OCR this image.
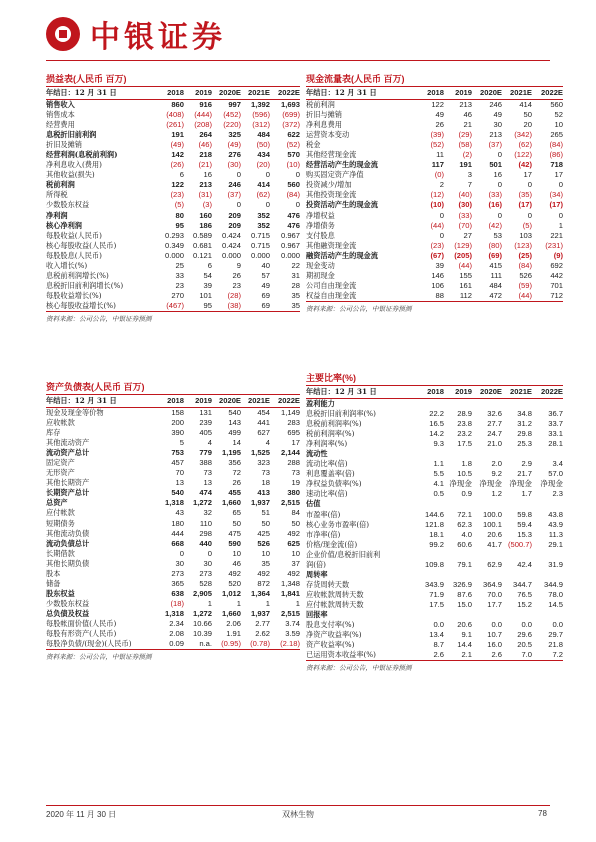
中银证券
损益表(人民币 百万)
年结日：12 月 31 日	2018	2019	2020E	2021E	2022E
销售收入	860	916	997	1,392	1,693
销售成本	(408)	(444)	(452)	(596)	(699)
经营费用	(261)	(208)	(220)	(312)	(372)
息税折旧前利润	191	264	325	484	622
折旧及摊销	(49)	(46)	(49)	(50)	(52)
经营利润(息税前利润)	142	218	276	434	570
净利息收入(费用)	(26)	(21)	(30)	(20)	(10)
其他收益(损失)	6	16	0	0	0
税前利润	122	213	246	414	560
所得税	(23)	(31)	(37)	(62)	(84)
少数股东权益	(5)	(3)	0	0	0
净利润	80	160	209	352	476
核心净利润	95	186	209	352	476
每股收益(人民币)	0.293	0.589	0.424	0.715	0.967
核心每股收益(人民币)	0.349	0.681	0.424	0.715	0.967
每股股息(人民币)	0.000	0.121	0.000	0.000	0.000
收入增长(%)	25	6	9	40	22
息税前利润增长(%)	33	54	26	57	31
息税折旧前利润增长(%)	23	39	23	49	28
每股收益增长(%)	270	101	(28)	69	35
核心每股收益增长(%)	(467)	95	(38)	69	35
资料来源：公司公告，中银证券预测
资产负债表(人民币 百万)
年结日：12 月 31 日	2018	2019	2020E	2021E	2022E
现金及现金等价物	158	131	540	454	1,149
应收帐款	200	239	143	441	283
库存	390	405	499	627	695
其他流动资产	5	4	14	4	17
流动资产总计	753	779	1,195	1,525	2,144
固定资产	457	388	356	323	288
无形资产	70	73	72	73	73
其他长期资产	13	13	26	18	19
长期资产总计	540	474	455	413	380
总资产	1,318	1,272	1,660	1,937	2,515
应付帐款	43	32	65	51	84
短期债务	180	110	50	50	50
其他流动负债	444	298	475	425	492
流动负债总计	668	440	590	526	625
长期借款	0	0	10	10	10
其他长期负债	30	30	46	35	37
股本	273	273	492	492	492
储备	365	528	520	872	1,348
股东权益	638	2,905	1,012	1,364	1,841
少数股东权益	(18)	1	1	1	1
总负债及权益	1,318	1,272	1,660	1,937	2,515
每股帐面价值(人民币)	2.34	10.66	2.06	2.77	3.74
每股有形资产(人民币)	2.08	10.39	1.91	2.62	3.59
每股净负债/(现金)(人民币)	0.09	n.a.	(0.95)	(0.78)	(2.18)
资料来源：公司公告，中银证券预测
现金流量表(人民币 百万)
年结日：12 月 31 日	2018	2019	2020E	2021E	2022E
税前利润	122	213	246	414	560
折旧与摊销	49	46	49	50	52
净利息费用	26	21	30	20	10
运营资本变动	(39)	(29)	213	(342)	265
税金	(52)	(58)	(37)	(62)	(84)
其他经营现金流	11	(2)	0	(122)	(86)
经营活动产生的现金流	117	191	501	(42)	718
购买固定资产净值	(0)	3	16	17	17
投资减少/增加	2	7	0	0	0
其他投资现金流	(12)	(40)	(33)	(35)	(34)
投资活动产生的现金流	(10)	(30)	(16)	(17)	(17)
净增权益	0	(33)	0	0	0
净增债务	(44)	(70)	(42)	(5)	1
支付股息	0	27	53	103	221
其他融资现金流	(23)	(129)	(80)	(123)	(231)
融资活动产生的现金流	(67)	(205)	(69)	(25)	(9)
现金变动	39	(44)	415	(84)	692
期初现金	146	155	111	526	442
公司自由现金流	106	161	484	(59)	701
权益自由现金流	88	112	472	(44)	712
资料来源：公司公告，中银证券预测
主要比率(%)
年结日：12 月 31 日	2018	2019	2020E	2021E	2022E
盈利能力					
息税折旧前利润率(%)	22.2	28.9	32.6	34.8	36.7
息税前利润率(%)	16.5	23.8	27.7	31.2	33.7
税前利润率(%)	14.2	23.2	24.7	29.8	33.1
净利润率(%)	9.3	17.5	21.0	25.3	28.1
流动性					
流动比率(倍)	1.1	1.8	2.0	2.9	3.4
利息覆盖率(倍)	5.5	10.5	9.2	21.7	57.0
净权益负债率(%)	4.1	净现金	净现金	净现金	净现金
速动比率(倍)	0.5	0.9	1.2	1.7	2.3
估值					
市盈率(倍)	144.6	72.1	100.0	59.8	43.8
核心业务市盈率(倍)	121.8	62.3	100.1	59.4	43.9
市净率(倍)	18.1	4.0	20.6	15.3	11.3
价格/现金流(倍)	99.2	60.6	41.7	(500.7)	29.1
企业价值/息税折旧前利					
润(倍)	109.8	79.1	62.9	42.4	31.9
周转率					
存货周转天数	343.9	326.9	364.9	344.7	344.9
应收帐款周转天数	71.9	87.6	70.0	76.5	78.0
应付帐款周转天数	17.5	15.0	17.7	15.2	14.5
回报率					
股息支付率(%)	0.0	20.6	0.0	0.0	0.0
净资产收益率(%)	13.4	9.1	10.7	29.6	29.7
资产收益率(%)	8.7	14.4	16.0	20.5	21.8
已运用资本收益率(%)	2.6	2.1	2.6	7.0	7.2
资料来源：公司公告，中银证券预测
2020 年 11 月 30 日	双林生物	78
